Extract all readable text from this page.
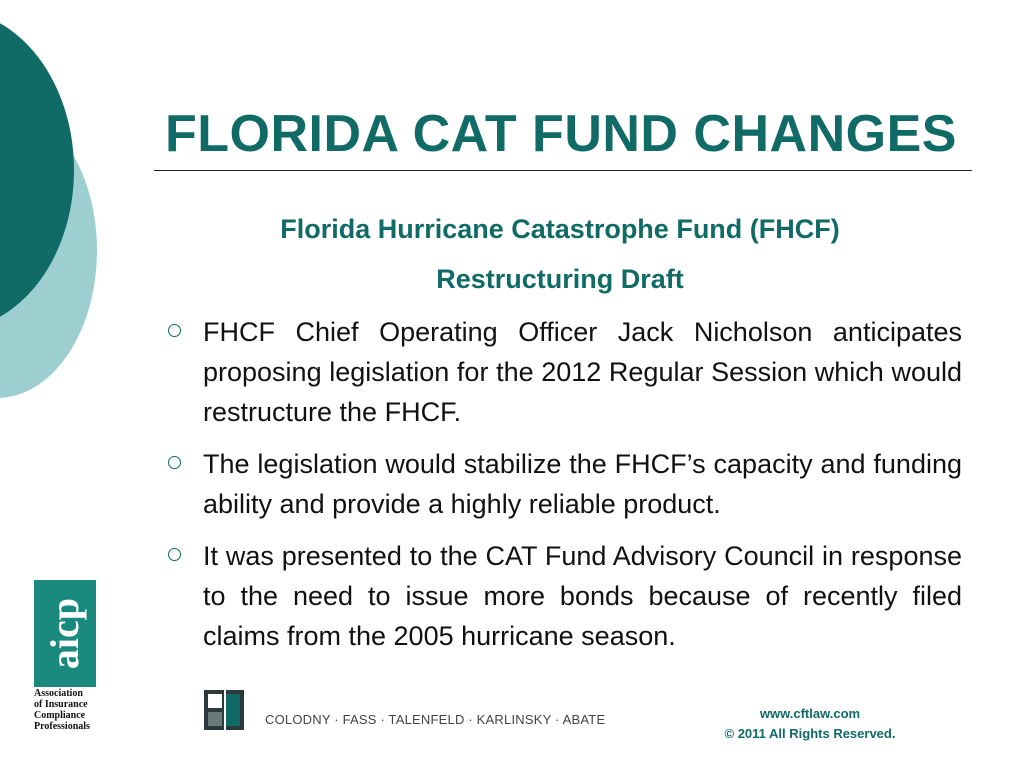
FLORIDA CAT FUND CHANGES
Florida Hurricane Catastrophe Fund (FHCF)
Restructuring Draft
FHCF Chief Operating Officer Jack Nicholson anticipates proposing legislation for the 2012 Regular Session which would restructure the FHCF.
The legislation would stabilize the FHCF’s capacity and funding ability and provide a highly reliable product.
It was presented to the CAT Fund Advisory Council in response to the need to issue more bonds because of recently filed claims from the 2005 hurricane season.
aicp
Association
of Insurance
Compliance
Professionals	COLODNY · FASS · TALENFELD · KARLINSKY · ABATE	www.cftlaw.com
© 2011 All Rights Reserved.
